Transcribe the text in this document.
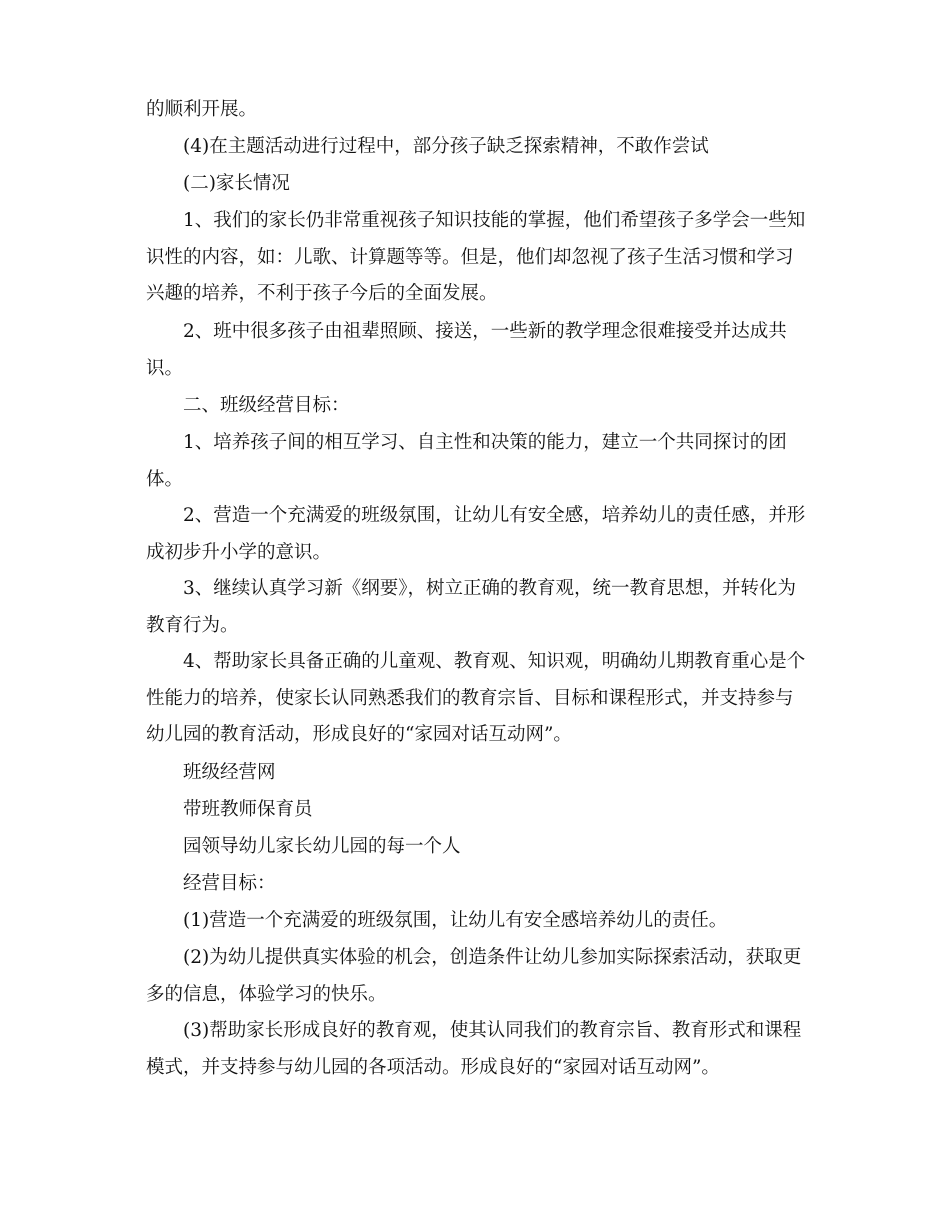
的顺利开展。
(4)在主题活动进行过程中，部分孩子缺乏探索精神，不敢作尝试
(二)家长情况
1、我们的家长仍非常重视孩子知识技能的掌握，他们希望孩子多学会一些知
识性的内容，如：儿歌、计算题等等。但是，他们却忽视了孩子生活习惯和学习
兴趣的培养，不利于孩子今后的全面发展。
2、班中很多孩子由祖辈照顾、接送，一些新的教学理念很难接受并达成共
识。
二、班级经营目标：
1、培养孩子间的相互学习、自主性和决策的能力，建立一个共同探讨的团
体。
2、营造一个充满爱的班级氛围，让幼儿有安全感，培养幼儿的责任感，并形
成初步升小学的意识。
3、继续认真学习新《纲要》，树立正确的教育观，统一教育思想，并转化为
教育行为。
4、帮助家长具备正确的儿童观、教育观、知识观，明确幼儿期教育重心是个
性能力的培养，使家长认同熟悉我们的教育宗旨、目标和课程形式，并支持参与
幼儿园的教育活动，形成良好的“家园对话互动网”。
班级经营网
带班教师保育员
园领导幼儿家长幼儿园的每一个人
经营目标：
(1)营造一个充满爱的班级氛围，让幼儿有安全感培养幼儿的责任。
(2)为幼儿提供真实体验的机会，创造条件让幼儿参加实际探索活动，获取更
多的信息，体验学习的快乐。
(3)帮助家长形成良好的教育观，使其认同我们的教育宗旨、教育形式和课程
模式，并支持参与幼儿园的各项活动。形成良好的“家园对话互动网”。
